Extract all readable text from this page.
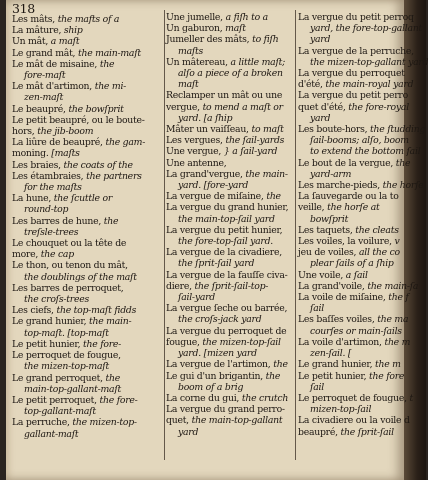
318
Les mâts, the mafts of a
La mâture, ship
Un mât, a maſt
Le grand mât, the main-maſt
Le mât de misaine, the
fore-maſt
Le mât d'artimon, the mi-
zen-maſt
Le beaupré, the bowſprit
Le petit beaupré, ou le boute-
hors, the jib-boom
La liûre de beaupré, the gam-
moning. [maſts
Les braies, the coats of the
Les étambraies, the partners
for the maſts
La hune, the ſcuttle or
round-top
Les barres de hune, the
treſsle-trees
Le chouquet ou la tête de
more, the cap
Le thon, ou tenon du mât,
the doublings of the maſt
Les barres de perroquet,
the croſs-trees
Les ciefs, the top-maſt fidds
Le grand hunier, the main-
top-maſt. [top-maſt
Le petit hunier, the fore-
Le perroquet de fougue,
the mizen-top-maſt
Le grand perroquet, the
main-top-gallant-maſt
Le petit perroquet, the fore-
top-gallant-maſt
La perruche, the mizen-top-
gallant-maſt
Une jumelle, a fiſh to a
Un gaburon, maſt
Jumeller des mâts, to fiſh
maſts
Un mâtereau, a little maſt;
alſo a piece of a broken
maſt
Reclamper un mât ou une
vergue, to mend a maſt or
yard. [a ſhip
Mâter un vaiſſeau, to maſt
Les vergues, the ſail-yards
Une vergue, } a ſail-yard
Une antenne,
La grand'vergue, the main-
yard. [fore-yard
La vergue de miſaine, the
La vergue du grand hunier,
the main-top-ſail yard
La vergue du petit hunier,
the fore-top-ſail yard.
La vergue de la civadiere,
the ſprit-ſail yard
La vergue de la fauſſe civa-
diere, the ſprit-ſail-top-
ſail-yard
La vergue ſeche ou barrée,
the croſs-jack yard
La vergue du perroquet de
fougue, the mizen-top-ſail
yard. [mizen yard
La vergue de l'artimon, the
Le gui d'un brigantin, the
boom of a brig
La corne du gui, the crutch
La vergue du grand perro-
quet, the main-top-gallant
yard
La vergue du petit perroq
yard, the fore-top-gallant
yard
La vergue de la perruche,
the mizen-top-gallant yard
La vergue du perroquet
d'été, the main-royal yard
La vergue du petit perro
quet d'été, the fore-royal
yard
Les boute-hors, the ſtudding
ſail-booms; alſo, boom
to extend the bottom ſail
Le bout de la vergue, the
yard-arm
Les marche-pieds, the horſe
La ſauvegarde ou la to
veille, the horſe at
bowſprit
Les taquets, the cleats
Les voiles, la voilure, v
jeu de voiles, all the co
plear ſails of a ſhip
Une voile, a ſail
La grand'voile, the main-ſa
La voile de miſaine, the f
ſail
Les baſſes voiles, the ma
courſes or main-ſails
La voile d'artimon, the m
zen-ſail. [
Le grand hunier, the m
Le petit hunier, the fore
ſail
Le perroquet de fougue, t
mizen-top-ſail
La civadiere ou la voile d
beaupré, the ſprit-ſail
